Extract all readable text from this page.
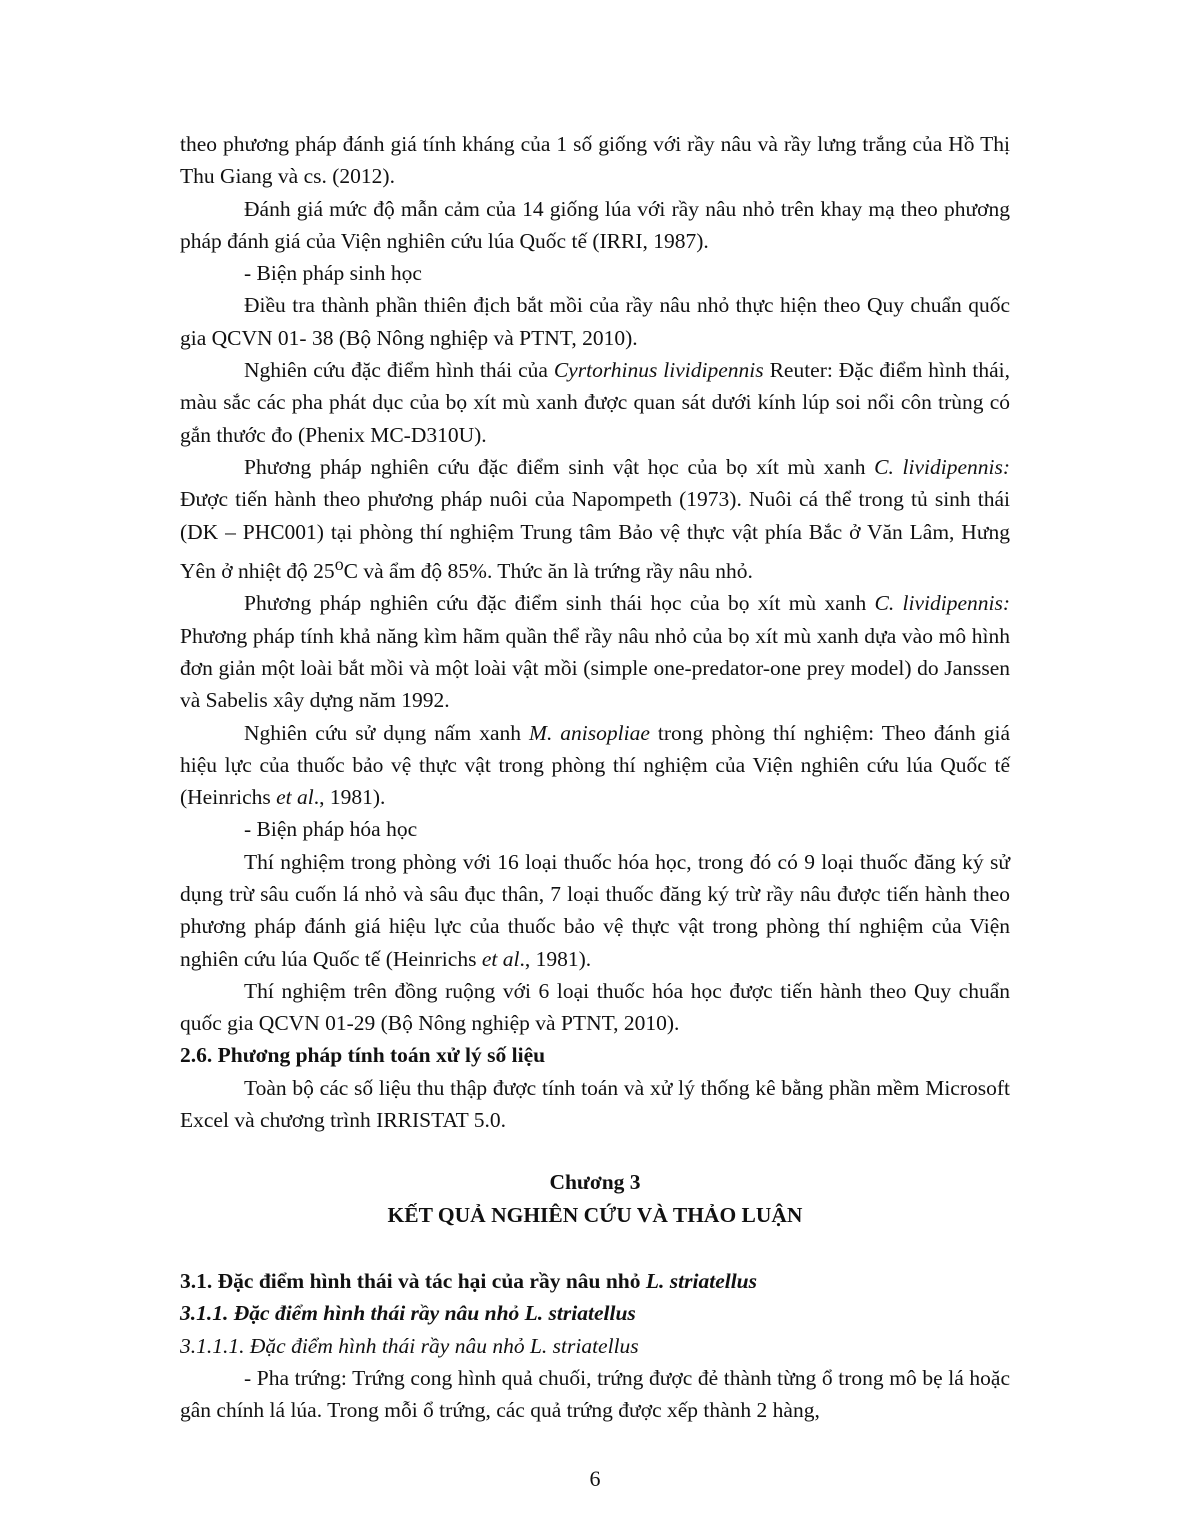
theo phương pháp đánh giá tính kháng của 1 số giống với rầy nâu và rầy lưng trắng của Hồ Thị Thu Giang và cs. (2012).

Đánh giá mức độ mẫn cảm của 14 giống lúa với rầy nâu nhỏ trên khay mạ theo phương pháp đánh giá của Viện nghiên cứu lúa Quốc tế (IRRI, 1987).

- Biện pháp sinh học

Điều tra thành phần thiên địch bắt mồi của rầy nâu nhỏ thực hiện theo Quy chuẩn quốc gia QCVN 01- 38 (Bộ Nông nghiệp và PTNT, 2010).

Nghiên cứu đặc điểm hình thái của Cyrtorhinus lividipennis Reuter: Đặc điểm hình thái, màu sắc các pha phát dục của bọ xít mù xanh được quan sát dưới kính lúp soi nổi côn trùng có gắn thước đo (Phenix MC-D310U).

Phương pháp nghiên cứu đặc điểm sinh vật học của bọ xít mù xanh C. lividipennis: Được tiến hành theo phương pháp nuôi của Napompeth (1973). Nuôi cá thể trong tủ sinh thái (DK – PHC001) tại phòng thí nghiệm Trung tâm Bảo vệ thực vật phía Bắc ở Văn Lâm, Hưng Yên ở nhiệt độ 25$^o$C và ẩm độ 85%. Thức ăn là trứng rầy nâu nhỏ.

Phương pháp nghiên cứu đặc điểm sinh thái học của bọ xít mù xanh C. lividipennis: Phương pháp tính khả năng kìm hãm quần thể rầy nâu nhỏ của bọ xít mù xanh dựa vào mô hình đơn giản một loài bắt mồi và một loài vật mồi (simple one-predator-one prey model) do Janssen và Sabelis xây dựng năm 1992.

Nghiên cứu sử dụng nấm xanh M. anisopliae trong phòng thí nghiệm: Theo đánh giá hiệu lực của thuốc bảo vệ thực vật trong phòng thí nghiệm của Viện nghiên cứu lúa Quốc tế (Heinrichs et al., 1981).

- Biện pháp hóa học

Thí nghiệm trong phòng với 16 loại thuốc hóa học, trong đó có 9 loại thuốc đăng ký sử dụng trừ sâu cuốn lá nhỏ và sâu đục thân, 7 loại thuốc đăng ký trừ rầy nâu được tiến hành theo phương pháp đánh giá hiệu lực của thuốc bảo vệ thực vật trong phòng thí nghiệm của Viện nghiên cứu lúa Quốc tế (Heinrichs et al., 1981).

Thí nghiệm trên đồng ruộng với 6 loại thuốc hóa học được tiến hành theo Quy chuẩn quốc gia QCVN 01-29 (Bộ Nông nghiệp và PTNT, 2010).

2.6. Phương pháp tính toán xử lý số liệu

Toàn bộ các số liệu thu thập được tính toán và xử lý thống kê bằng phần mềm Microsoft Excel và chương trình IRRISTAT 5.0.

Chương 3
KẾT QUẢ NGHIÊN CỨU VÀ THẢO LUẬN

3.1. Đặc điểm hình thái và tác hại của rầy nâu nhỏ L. striatellus

3.1.1. Đặc điểm hình thái rầy nâu nhỏ L. striatellus

3.1.1.1. Đặc điểm hình thái rầy nâu nhỏ L. striatellus

- Pha trứng: Trứng cong hình quả chuối, trứng được đẻ thành từng ổ trong mô bẹ lá hoặc gân chính lá lúa. Trong mỗi ổ trứng, các quả trứng được xếp thành 2 hàng,

6
